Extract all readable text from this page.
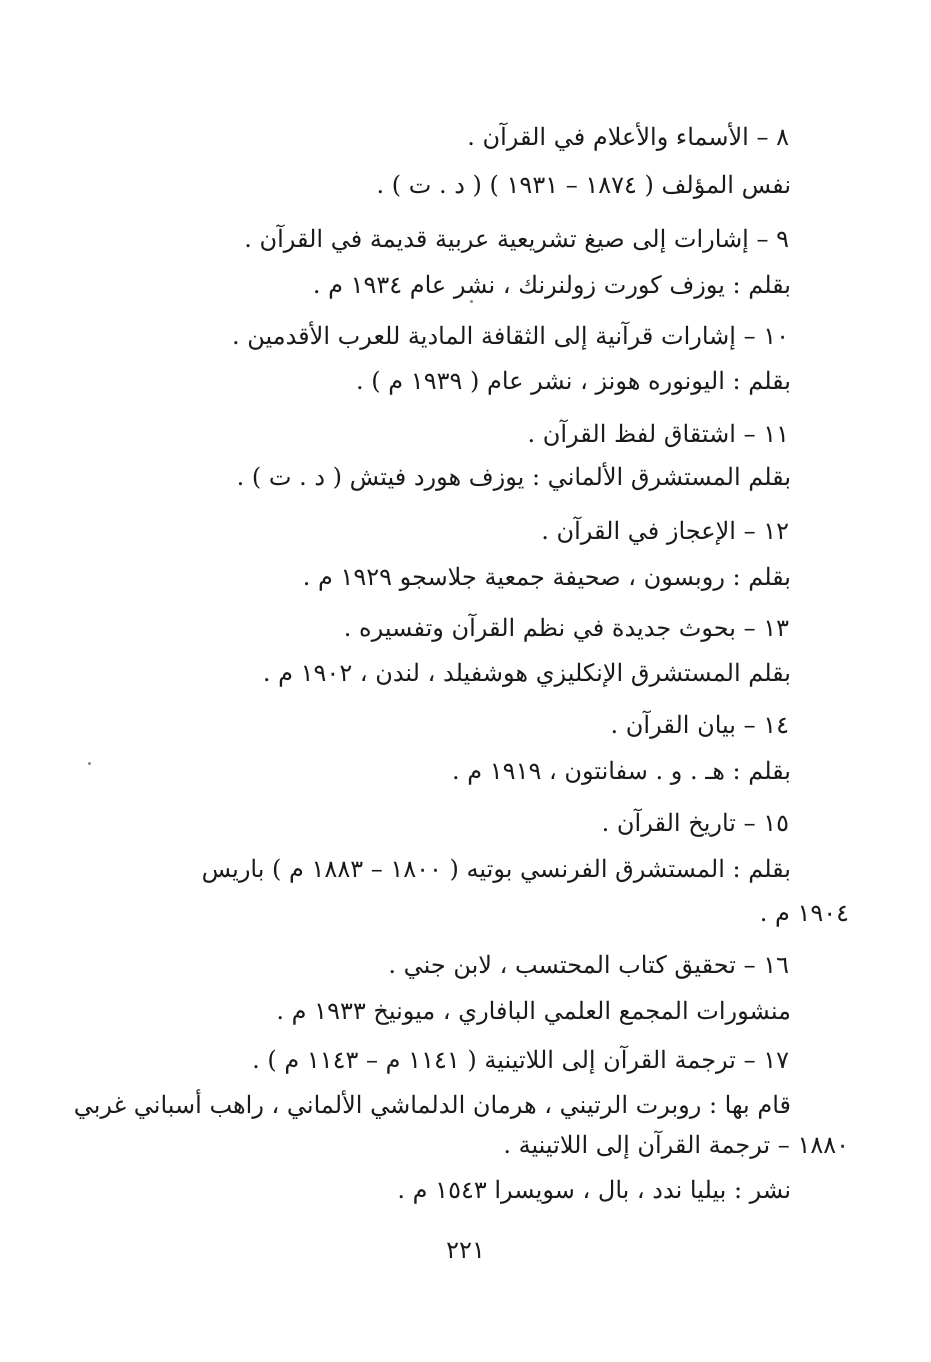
٨ – الأسماء والأعلام في القرآن .
نفس المؤلف ( ١٨٧٤ – ١٩٣١ ) ( د . ت ) .
٩ – إشارات إلى صيغ تشريعية عربية قديمة في القرآن .
بقلم : يوزف كورت زولنرنك ، نشر عام ١٩٣٤ م .
١٠ – إشارات قرآنية إلى الثقافة المادية للعرب الأقدمين .
بقلم : اليونوره هونز ، نشر عام ( ١٩٣٩ م ) .
١١ – اشتقاق لفظ القرآن .
بقلم المستشرق الألماني : يوزف هورد فيتش ( د . ت ) .
١٢ – الإعجاز في القرآن .
بقلم : روبسون ، صحيفة جمعية جلاسجو ١٩٢٩ م .
١٣ – بحوث جديدة في نظم القرآن وتفسيره .
بقلم المستشرق الإنكليزي هوشفيلد ، لندن ، ١٩٠٢ م .
١٤ – بيان القرآن .
بقلم : هـ . و . سفانتون ، ١٩١٩ م .
١٥ – تاريخ القرآن .
بقلم : المستشرق الفرنسي بوتيه ( ١٨٠٠ – ١٨٨٣ م ) باريس
١٩٠٤ م .
١٦ – تحقيق كتاب المحتسب ، لابن جني .
منشورات المجمع العلمي البافاري ، ميونيخ ١٩٣٣ م .
١٧ – ترجمة القرآن إلى اللاتينية ( ١١٤١ م – ١١٤٣ م ) .
قام بها : روبرت الرتيني ، هرمان الدلماشي الألماني ، راهب أسباني غربي
١٨٨٠ – ترجمة القرآن إلى اللاتينية .
نشر : بيليا ندد ، بال ، سويسرا ١٥٤٣ م .
٢٢١
